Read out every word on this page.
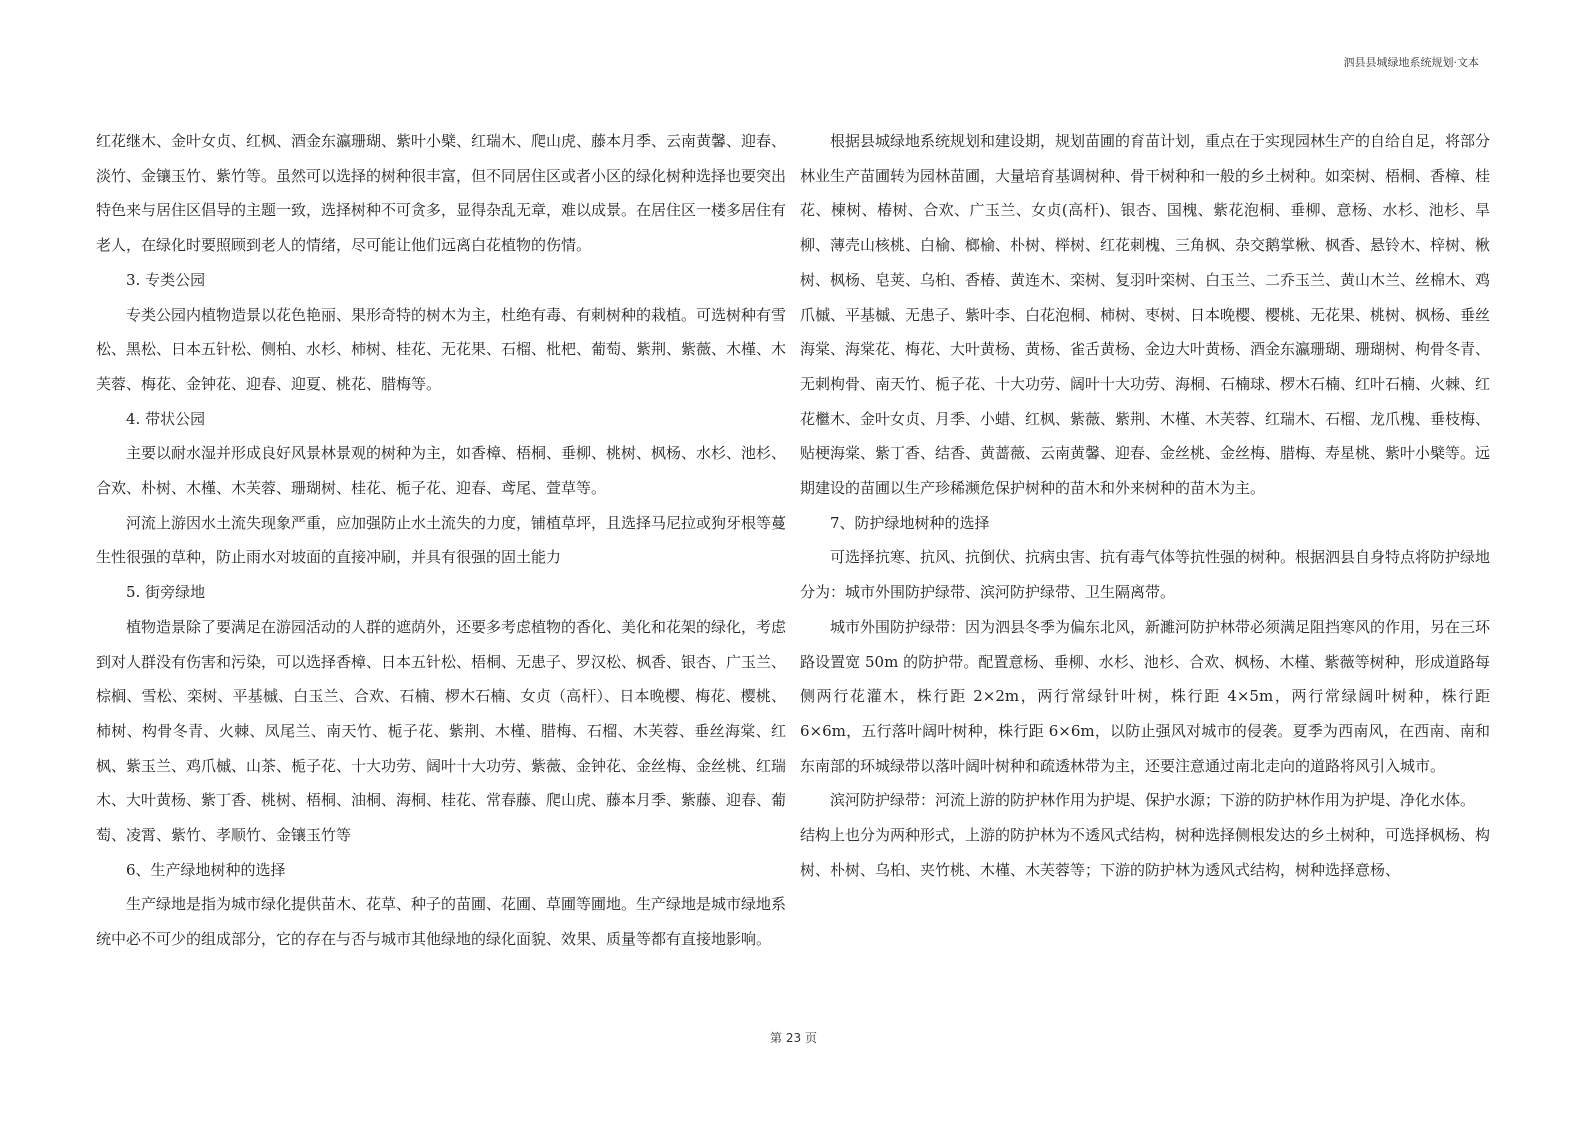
泗县县城绿地系统规划·文本

红花继木、金叶女贞、红枫、酒金东瀛珊瑚、紫叶小檗、红瑞木、爬山虎、藤本月季、云南黄馨、迎春、淡竹、金镶玉竹、紫竹等。虽然可以选择的树种很丰富，但不同居住区或者小区的绿化树种选择也要突出特色来与居住区倡导的主题一致，选择树种不可贪多，显得杂乱无章，难以成景。在居住区一楼多居住有老人，在绿化时要照顾到老人的情绪，尽可能让他们远离白花植物的伤情。

3. 专类公园

专类公园内植物造景以花色艳丽、果形奇特的树木为主，杜绝有毒、有刺树种的栽植。可选树种有雪松、黑松、日本五针松、侧柏、水杉、柿树、桂花、无花果、石榴、枇杷、葡萄、紫荆、紫薇、木槿、木芙蓉、梅花、金钟花、迎春、迎夏、桃花、腊梅等。

4. 带状公园

主要以耐水湿并形成良好风景林景观的树种为主，如香樟、梧桐、垂柳、桃树、枫杨、水杉、池杉、合欢、朴树、木槿、木芙蓉、珊瑚树、桂花、栀子花、迎春、鸢尾、萱草等。

河流上游因水土流失现象严重，应加强防止水土流失的力度，铺植草坪，且选择马尼拉或狗牙根等蔓生性很强的草种，防止雨水对坡面的直接冲刷，并具有很强的固土能力

5. 街旁绿地

植物造景除了要满足在游园活动的人群的遮荫外，还要多考虑植物的香化、美化和花架的绿化，考虑到对人群没有伤害和污染，可以选择香樟、日本五针松、梧桐、无患子、罗汉松、枫香、银杏、广玉兰、棕榈、雪松、栾树、平基槭、白玉兰、合欢、石楠、椤木石楠、女贞（高杆）、日本晚樱、梅花、樱桃、柿树、构骨冬青、火棘、凤尾兰、南天竹、栀子花、紫荆、木槿、腊梅、石榴、木芙蓉、垂丝海棠、红枫、紫玉兰、鸡爪槭、山茶、栀子花、十大功劳、阔叶十大功劳、紫薇、金钟花、金丝梅、金丝桃、红瑞木、大叶黄杨、紫丁香、桃树、梧桐、油桐、海桐、桂花、常春藤、爬山虎、藤本月季、紫藤、迎春、葡萄、凌霄、紫竹、孝顺竹、金镶玉竹等

6、生产绿地树种的选择

生产绿地是指为城市绿化提供苗木、花草、种子的苗圃、花圃、草圃等圃地。生产绿地是城市绿地系统中必不可少的组成部分，它的存在与否与城市其他绿地的绿化面貌、效果、质量等都有直接地影响。

根据县城绿地系统规划和建设期，规划苗圃的育苗计划，重点在于实现园林生产的自给自足，将部分林业生产苗圃转为园林苗圃，大量培育基调树种、骨干树种和一般的乡土树种。如栾树、梧桐、香樟、桂花、楝树、椿树、合欢、广玉兰、女贞(高杆)、银杏、国槐、紫花泡桐、垂柳、意杨、水杉、池杉、旱柳、薄壳山核桃、白榆、榔榆、朴树、榉树、红花刺槐、三角枫、杂交鹅掌楸、枫香、悬铃木、梓树、楸树、枫杨、皂荚、乌桕、香椿、黄连木、栾树、复羽叶栾树、白玉兰、二乔玉兰、黄山木兰、丝棉木、鸡爪槭、平基槭、无患子、紫叶李、白花泡桐、柿树、枣树、日本晚樱、樱桃、无花果、桃树、枫杨、垂丝海棠、海棠花、梅花、大叶黄杨、黄杨、雀舌黄杨、金边大叶黄杨、酒金东瀛珊瑚、珊瑚树、枸骨冬青、无刺枸骨、南天竹、栀子花、十大功劳、阔叶十大功劳、海桐、石楠球、椤木石楠、红叶石楠、火棘、红花檵木、金叶女贞、月季、小蜡、红枫、紫薇、紫荆、木槿、木芙蓉、红瑞木、石榴、龙爪槐、垂枝梅、贴梗海棠、紫丁香、结香、黄蔷薇、云南黄馨、迎春、金丝桃、金丝梅、腊梅、寿星桃、紫叶小檗等。远期建设的苗圃以生产珍稀濒危保护树种的苗木和外来树种的苗木为主。

7、防护绿地树种的选择

可选择抗寒、抗风、抗倒伏、抗病虫害、抗有毒气体等抗性强的树种。根据泗县自身特点将防护绿地分为：城市外围防护绿带、滨河防护绿带、卫生隔离带。

城市外围防护绿带：因为泗县冬季为偏东北风，新濉河防护林带必须满足阻挡寒风的作用，另在三环路设置宽 50m 的防护带。配置意杨、垂柳、水杉、池杉、合欢、枫杨、木槿、紫薇等树种，形成道路每侧两行花灌木，株行距 2×2m，两行常绿针叶树，株行距 4×5m，两行常绿阔叶树种，株行距 6×6m，五行落叶阔叶树种，株行距 6×6m，以防止强风对城市的侵袭。夏季为西南风，在西南、南和东南部的环城绿带以落叶阔叶树种和疏透林带为主，还要注意通过南北走向的道路将风引入城市。

滨河防护绿带：河流上游的防护林作用为护堤、保护水源；下游的防护林作用为护堤、净化水体。

结构上也分为两种形式，上游的防护林为不透风式结构，树种选择侧根发达的乡土树种，可选择枫杨、构树、朴树、乌桕、夹竹桃、木槿、木芙蓉等；下游的防护林为透风式结构，树种选择意杨、

第 23 页
